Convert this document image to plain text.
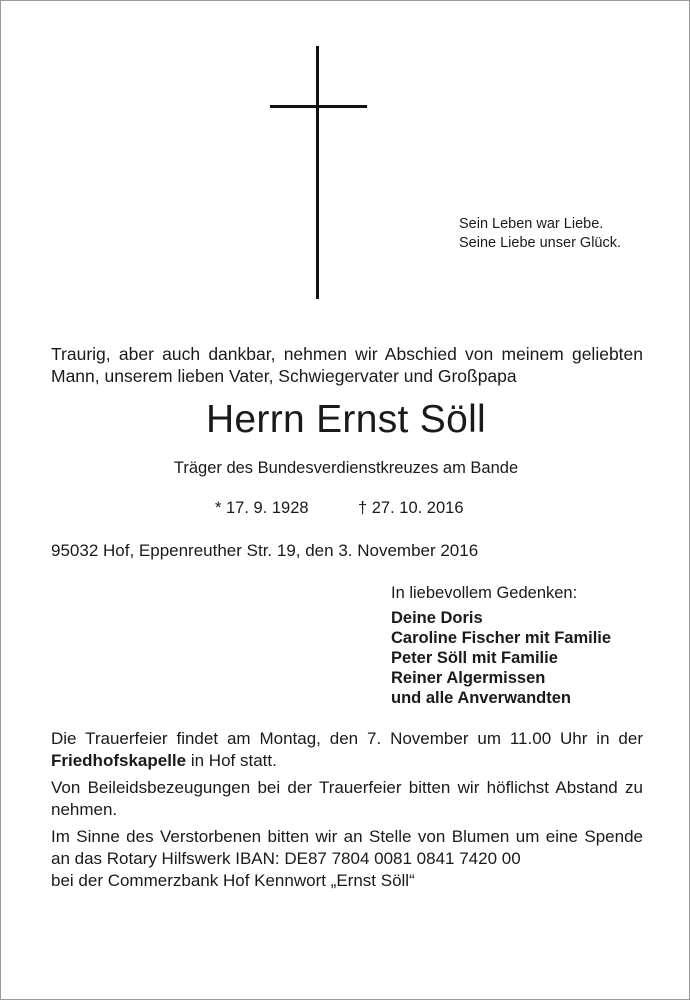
Sein Leben war Liebe.
Seine Liebe unser Glück.
Traurig, aber auch dankbar, nehmen wir Abschied von meinem geliebten Mann, unserem lieben Vater, Schwiegervater und Großpapa
Herrn Ernst Söll
Träger des Bundesverdienstkreuzes am Bande
* 17. 9. 1928	† 27. 10. 2016
95032 Hof, Eppenreuther Str. 19, den 3. November 2016
In liebevollem Gedenken:
Deine Doris
Caroline Fischer mit Familie
Peter Söll mit Familie
Reiner Algermissen
und alle Anverwandten

Die Trauerfeier findet am Montag, den 7. November um 11.00 Uhr in der Friedhofskapelle in Hof statt.

Von Beileidsbezeugungen bei der Trauerfeier bitten wir höflichst Abstand zu nehmen.

Im Sinne des Verstorbenen bitten wir an Stelle von Blumen um eine Spende an das Rotary Hilfswerk IBAN: DE87 7804 0081 0841 7420 00
bei der Commerzbank Hof Kennwort „Ernst Söll“
